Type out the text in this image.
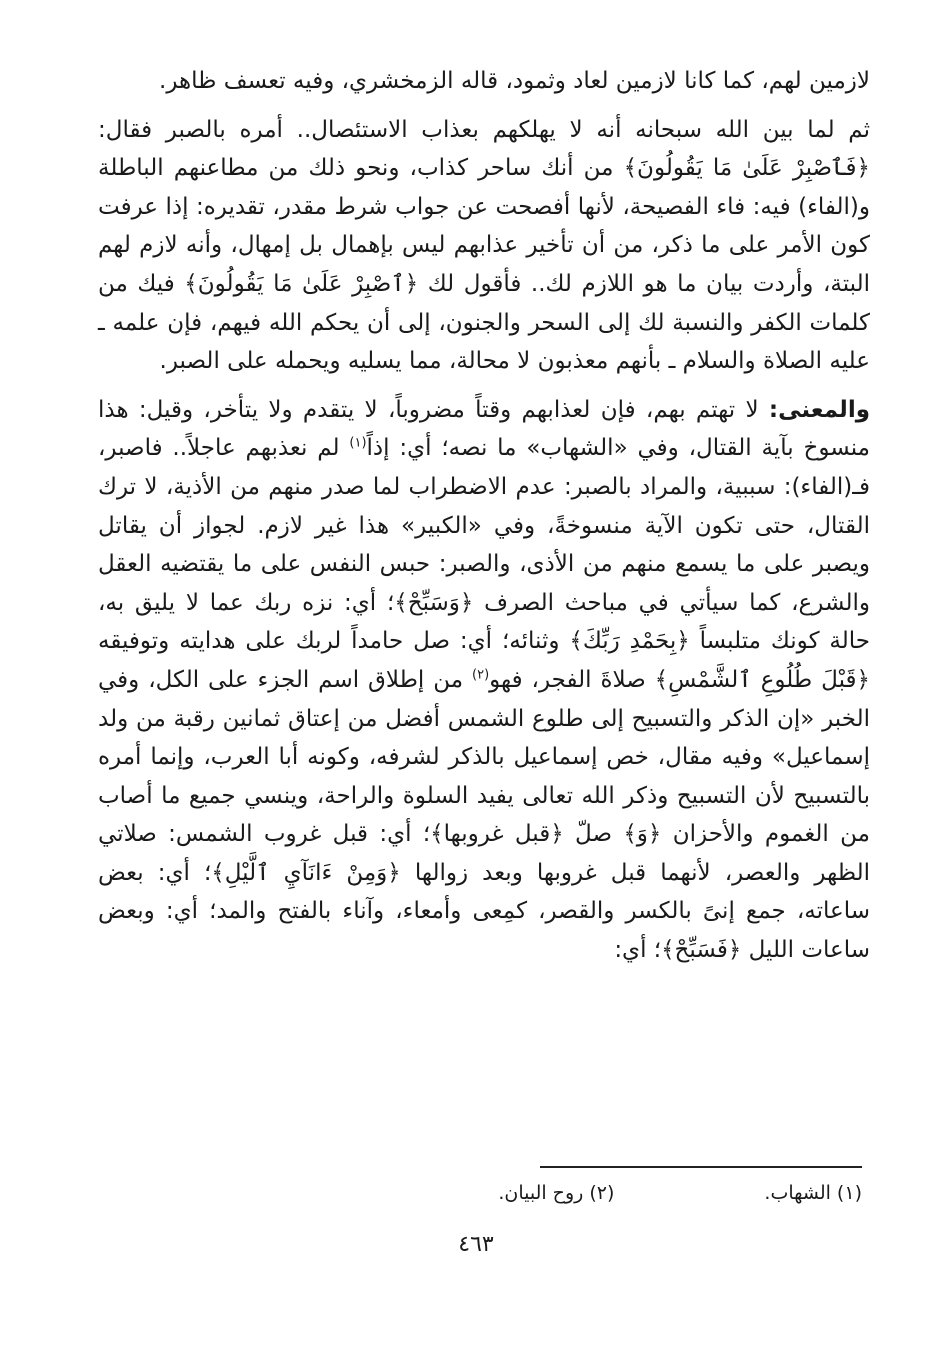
لازمين لهم، كما كانا لازمين لعاد وثمود، قاله الزمخشري، وفيه تعسف ظاهر.

ثم لما بين الله سبحانه أنه لا يهلكهم بعذاب الاستئصال.. أمره بالصبر فقال: ﴿فَٱصْبِرْ عَلَىٰ مَا يَقُولُونَ﴾ من أنك ساحر كذاب، ونحو ذلك من مطاعنهم الباطلة و(الفاء) فيه: فاء الفصيحة، لأنها أفصحت عن جواب شرط مقدر، تقديره: إذا عرفت كون الأمر على ما ذكر، من أن تأخير عذابهم ليس بإهمال بل إمهال، وأنه لازم لهم البتة، وأردت بيان ما هو اللازم لك.. فأقول لك ﴿ٱصْبِرْ عَلَىٰ مَا يَقُولُونَ﴾ فيك من كلمات الكفر والنسبة لك إلى السحر والجنون، إلى أن يحكم الله فيهم، فإن علمه ـ عليه الصلاة والسلام ـ بأنهم معذبون لا محالة، مما يسليه ويحمله على الصبر.

والمعنى: لا تهتم بهم، فإن لعذابهم وقتاً مضروباً، لا يتقدم ولا يتأخر، وقيل: هذا منسوخ بآية القتال، وفي «الشهاب» ما نصه؛ أي: إذاً$^{(١)}$ لم نعذبهم عاجلاً.. فاصبر، فـ(الفاء): سببية، والمراد بالصبر: عدم الاضطراب لما صدر منهم من الأذية، لا ترك القتال، حتى تكون الآية منسوخةً، وفي «الكبير» هذا غير لازم. لجواز أن يقاتل ويصبر على ما يسمع منهم من الأذى، والصبر: حبس النفس على ما يقتضيه العقل والشرع، كما سيأتي في مباحث الصرف ﴿وَسَبِّحْ﴾؛ أي: نزه ربك عما لا يليق به، حالة كونك متلبساً ﴿بِحَمْدِ رَبِّكَ﴾ وثنائه؛ أي: صل حامداً لربك على هدايته وتوفيقه ﴿قَبْلَ طُلُوعِ ٱلشَّمْسِ﴾ صلاةَ الفجر، فهو$^{(٢)}$ من إطلاق اسم الجزء على الكل، وفي الخبر «إن الذكر والتسبيح إلى طلوع الشمس أفضل من إعتاق ثمانين رقبة من ولد إسماعيل» وفيه مقال، خص إسماعيل بالذكر لشرفه، وكونه أبا العرب، وإنما أمره بالتسبيح لأن التسبيح وذكر الله تعالى يفيد السلوة والراحة، وينسي جميع ما أصاب من الغموم والأحزان ﴿وَ﴾ صلّ ﴿قبل غروبها﴾؛ أي: قبل غروب الشمس: صلاتي الظهر والعصر، لأنهما قبل غروبها وبعد زوالها ﴿وَمِنْ ءَانَآيِ ٱلَّيْلِ﴾؛ أي: بعض ساعاته، جمع إنىً بالكسر والقصر، كمِعى وأمعاء، وآناء بالفتح والمد؛ أي: وبعض ساعات الليل ﴿فَسَبِّحْ﴾؛ أي:

(١) الشهاب.
(٢) روح البيان.
٤٦٣
